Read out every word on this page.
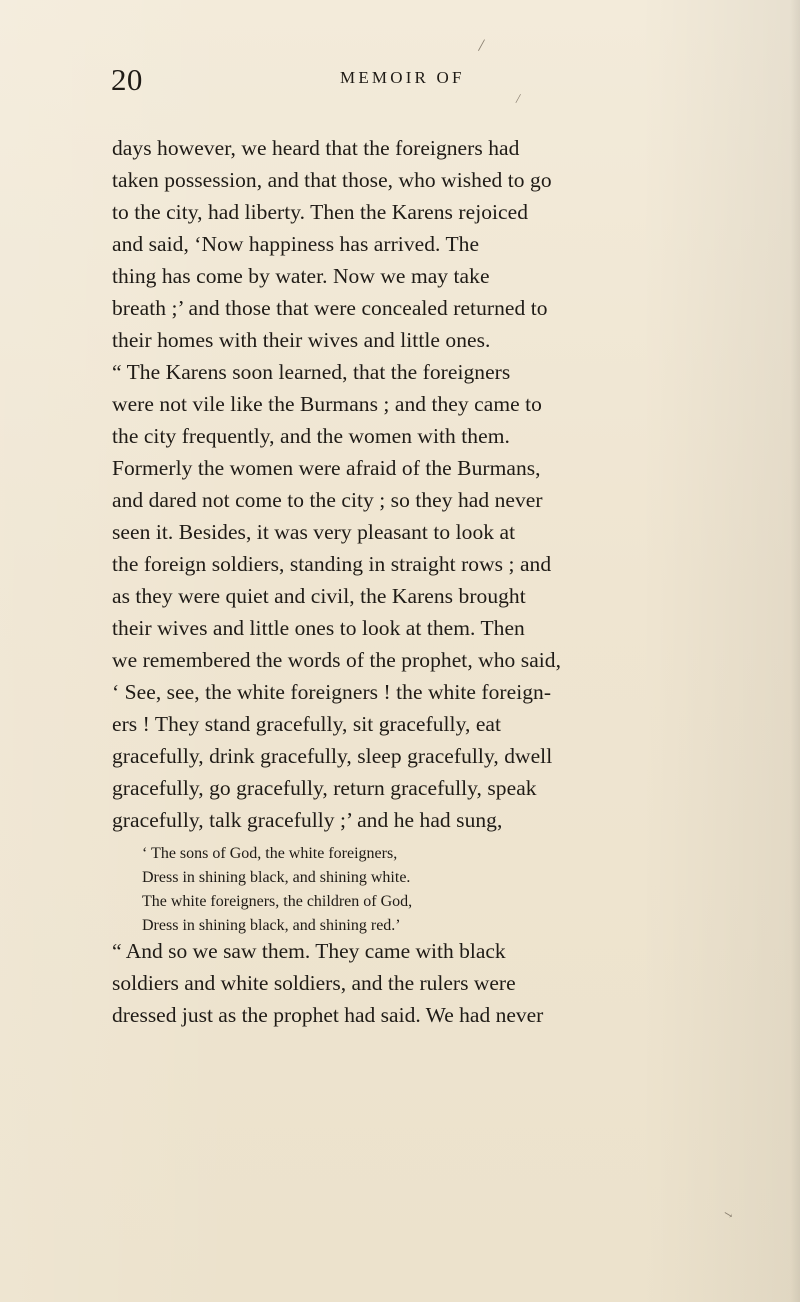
/
/
↘
20	MEMOIR OF
days however, we heard that the foreigners had
taken possession, and that those, who wished to go
to the city, had liberty. Then the Karens rejoiced
and said, ‘Now happiness has arrived. The
thing has come by water. Now we may take
breath ;’ and those that were concealed returned to
their homes with their wives and little ones.
“ The Karens soon learned, that the foreigners
were not vile like the Burmans ; and they came to
the city frequently, and the women with them.
Formerly the women were afraid of the Burmans,
and dared not come to the city ; so they had never
seen it. Besides, it was very pleasant to look at
the foreign soldiers, standing in straight rows ; and
as they were quiet and civil, the Karens brought
their wives and little ones to look at them. Then
we remembered the words of the prophet, who said,
‘ See, see, the white foreigners ! the white foreign-
ers ! They stand gracefully, sit gracefully, eat
gracefully, drink gracefully, sleep gracefully, dwell
gracefully, go gracefully, return gracefully, speak
gracefully, talk gracefully ;’ and he had sung,
‘ The sons of God, the white foreigners,
Dress in shining black, and shining white.
The white foreigners, the children of God,
Dress in shining black, and shining red.’
“ And so we saw them. They came with black
soldiers and white soldiers, and the rulers were
dressed just as the prophet had said. We had never
